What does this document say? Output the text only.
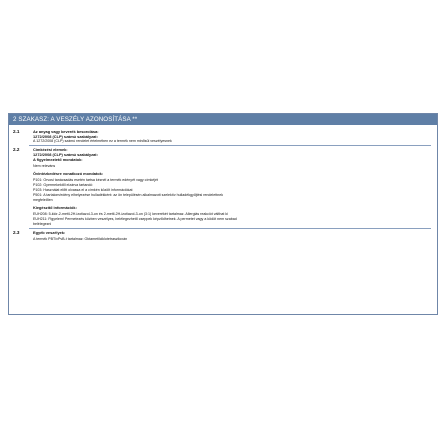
2 SZAKASZ: A VESZÉLY AZONOSÍTÁSA **
2.1	Az anyag vagy keverék besorolása:
1272/2008 (CLP) számú szabályzat:
A 1272/2008 (CLP) számú rendelet értelmében ez a termék nem minősül veszélyesnek
2.2	Címkézési elemek:
1272/2008 (CLP) számú szabályzat:
A figyelmeztető mondatok:
Nem releváns
Óvintézkedésre vonatkozó mondatok:
P101: Orvosi tanácsadás esetén tartsa kéznél a termék edényét vagy címkéjét
P102: Gyermekektől elzárva tartandó
P103: Használat előtt olvassa el a címkén közölt információkat
P501: A tartalom/edény elhelyezése hulladékként: az ön településén alkalmazott szelektív hulladékgyűjtési rendelettnek
megfelelően
Kiegészítő információk:
EUH208: 5-klór-2-metil-2H-izotiazol-3-on és 2-metil-2H-izotiazol-3-on (3:1) keverékét tartalmaz. Allergiás reakciót válthat ki
EUH211: Figyelem! Permetezés közben veszélyes, belélegezhető cseppek képződhetnek. A permetet vagy a ködöt nem szabad
belélegezni
2.3	Egyéb veszélyek:
A termék PBT/vPvB-t tartalmaz: Oktametilciklotetrasziloxán
